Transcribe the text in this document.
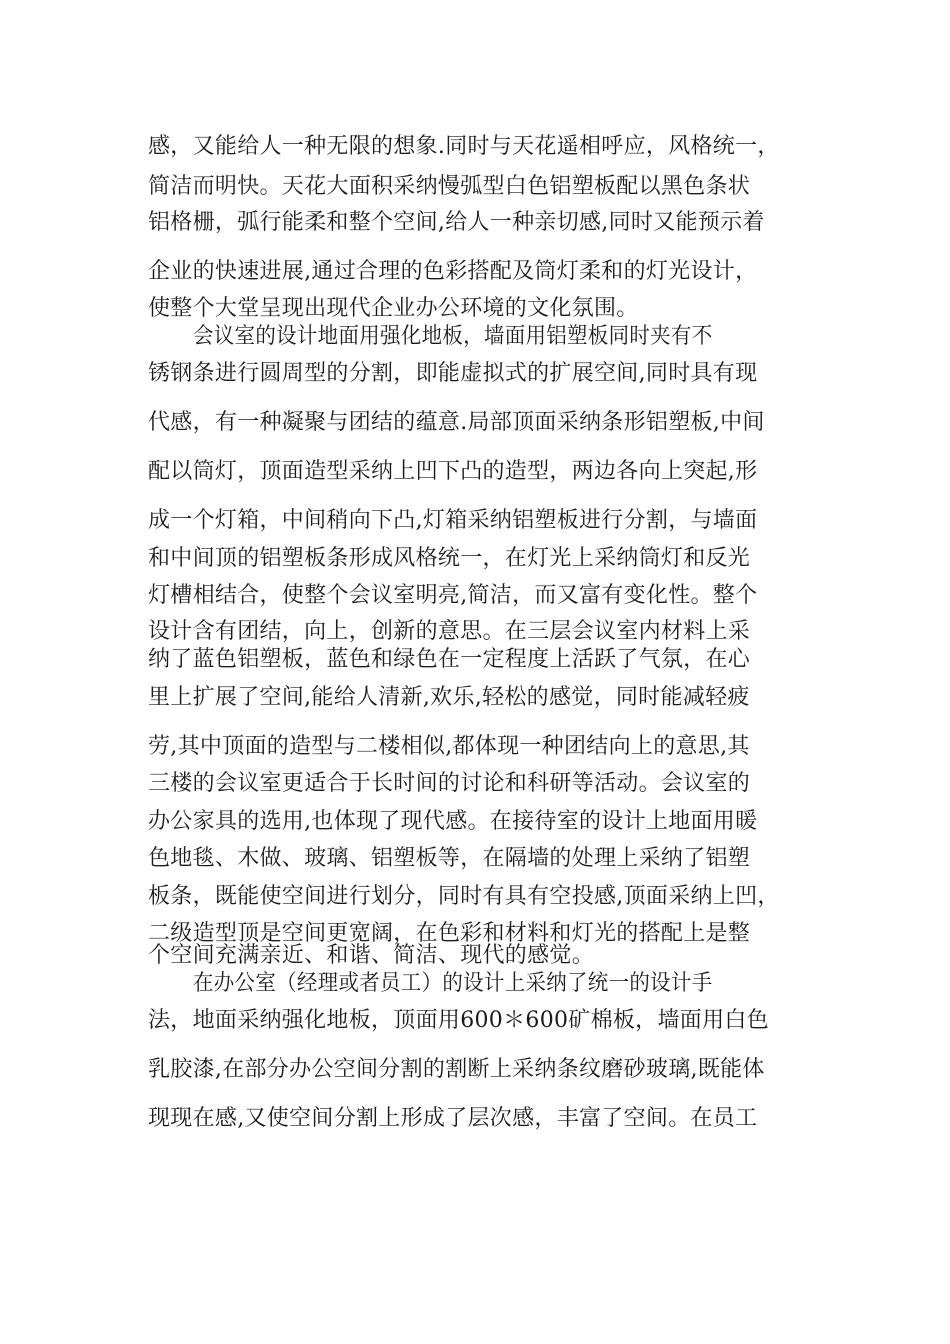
感，又能给人一种无限的想象.同时与天花遥相呼应，风格统一，
简洁而明快。天花大面积采纳慢弧型白色铝塑板配以黑色条状
铝格栅，弧行能柔和整个空间,给人一种亲切感,同时又能预示着
企业的快速进展,通过合理的色彩搭配及筒灯柔和的灯光设计，
使整个大堂呈现出现代企业办公环境的文化氛围。
会议室的设计地面用强化地板，墙面用铝塑板同时夹有不
锈钢条进行圆周型的分割，即能虚拟式的扩展空间,同时具有现
代感，有一种凝聚与团结的蕴意.局部顶面采纳条形铝塑板,中间
配以筒灯，顶面造型采纳上凹下凸的造型，两边各向上突起,形
成一个灯箱，中间稍向下凸,灯箱采纳铝塑板进行分割，与墙面
和中间顶的铝塑板条形成风格统一，在灯光上采纳筒灯和反光
灯槽相结合，使整个会议室明亮,简洁，而又富有变化性。整个
设计含有团结，向上，创新的意思。在三层会议室内材料上采
纳了蓝色铝塑板，蓝色和绿色在一定程度上活跃了气氛，在心
里上扩展了空间,能给人清新,欢乐,轻松的感觉，同时能减轻疲
劳,其中顶面的造型与二楼相似,都体现一种团结向上的意思,其
三楼的会议室更适合于长时间的讨论和科研等活动。会议室的
办公家具的选用,也体现了现代感。在接待室的设计上地面用暖
色地毯、木做、玻璃、铝塑板等，在隔墙的处理上采纳了铝塑
板条，既能使空间进行划分，同时有具有空投感,顶面采纳上凹，
二级造型顶是空间更宽阔，在色彩和材料和灯光的搭配上是整
个空间充满亲近、和谐、简洁、现代的感觉。
在办公室（经理或者员工）的设计上采纳了统一的设计手
法，地面采纳强化地板，顶面用600＊600矿棉板，墙面用白色
乳胶漆,在部分办公空间分割的割断上采纳条纹磨砂玻璃,既能体
现现在感,又使空间分割上形成了层次感，丰富了空间。在员工
